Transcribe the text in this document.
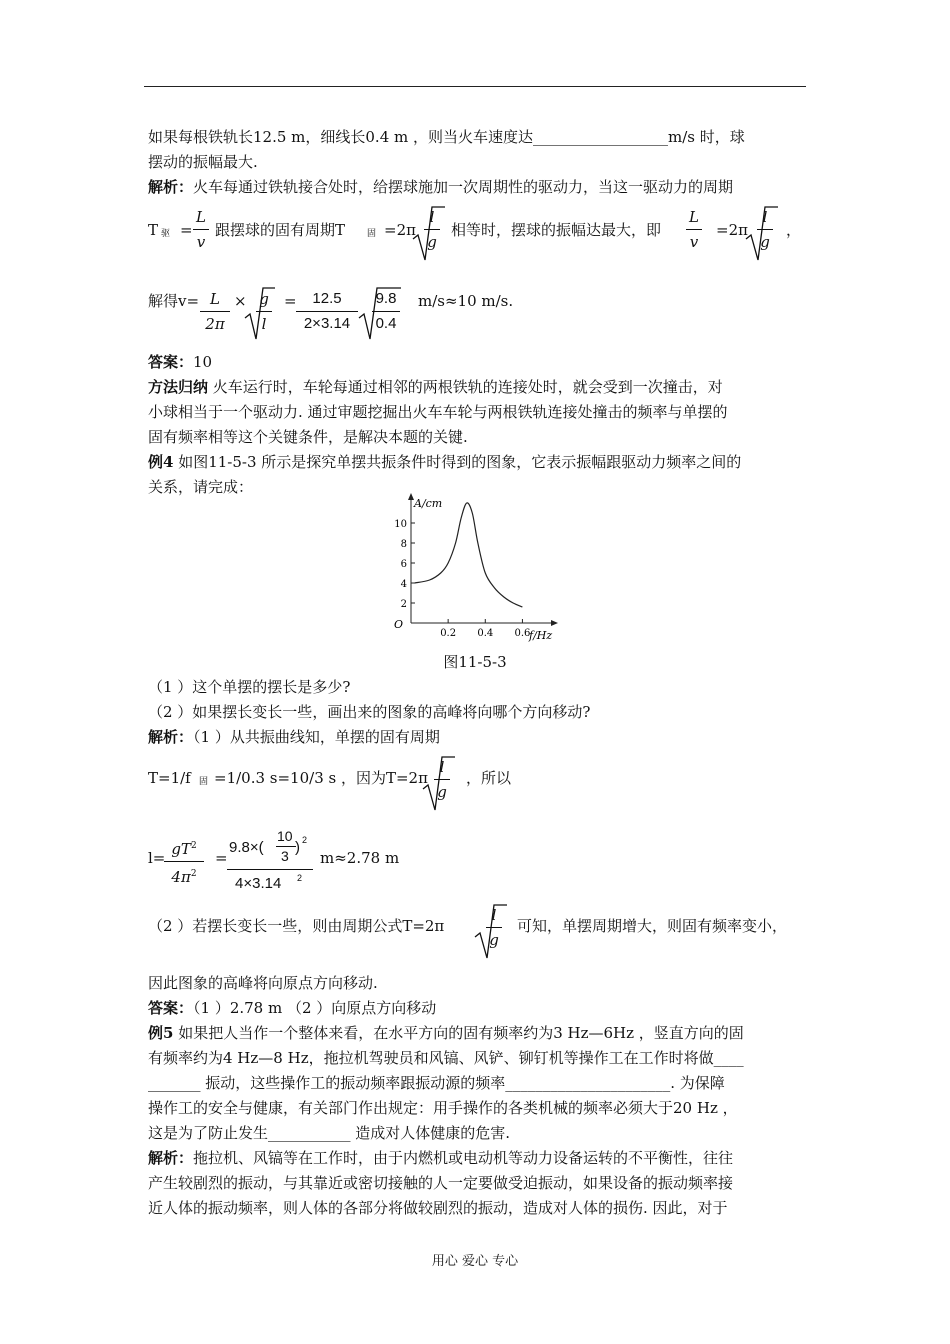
如果每根铁轨长12.5 m，细线长0.4 m ，则当火车速度达__________________m/s 时，球
摆动的振幅最大.
解析：火车每通过铁轨接合处时，给摆球施加一次周期性的驱动力，当这一驱动力的周期
T 驱 =
L
v
跟摆球的固有周期T 固 =2π
l
g
相等时，摆球的振幅达最大，即
L
v
=2π
l
g
，
解得v= L
2π
× g
l
=	12.5
2×3.14
9.8
0.4
m/s≈10 m/s.
答案：10
方法归纳 火车运行时，车轮每通过相邻的两根铁轨的连接处时，就会受到一次撞击，对
小球相当于一个驱动力. 通过审题挖掘出火车车轮与两根铁轨连接处撞击的频率与单摆的
固有频率相等这个关键条件，是解决本题的关键.
例4 如图11-5-3 所示是探究单摆共振条件时得到的图象，它表示振幅跟驱动力频率之间的
关系，请完成：
2
4
6
8
10
0.2 0.4 0.6
O
A/cm
f/Hz
图11-5-3
（1 ）这个单摆的摆长是多少?
（2 ）如果摆长变长一些，画出来的图象的高峰将向哪个方向移动?
解析：（1 ）从共振曲线知，单摆的固有周期
T=1/f 固 =1/0.3 s=10/3 s ，因为T=2π
l
g
，所以
$l= gT^2$
$4\pi^2$
=
9.8×(
10
3 ) 2
4×3.14 2
m≈2.78 m
（2 ）若摆长变长一些，则由周期公式T=2π
l
g
可知，单摆周期增大，则固有频率变小，
因此图象的高峰将向原点方向移动.
答案：（1 ）2.78 m （2 ）向原点方向移动
例5 如果把人当作一个整体来看，在水平方向的固有频率约为3 Hz—6Hz ，竖直方向的固
有频率约为4 Hz—8 Hz，拖拉机驾驶员和风镐、风铲、铆钉机等操作工在工作时将做____
_______ 振动，这些操作工的振动频率跟振动源的频率______________________. 为保障
操作工的安全与健康，有关部门作出规定：用手操作的各类机械的频率必须大于20 Hz ，
这是为了防止发生___________ 造成对人体健康的危害.
解析：拖拉机、风镐等在工作时，由于内燃机或电动机等动力设备运转的不平衡性，往往
产生较剧烈的振动，与其靠近或密切接触的人一定要做受迫振动，如果设备的振动频率接
近人体的振动频率，则人体的各部分将做较剧烈的振动，造成对人体的损伤. 因此，对于
用心 爱心 专心
